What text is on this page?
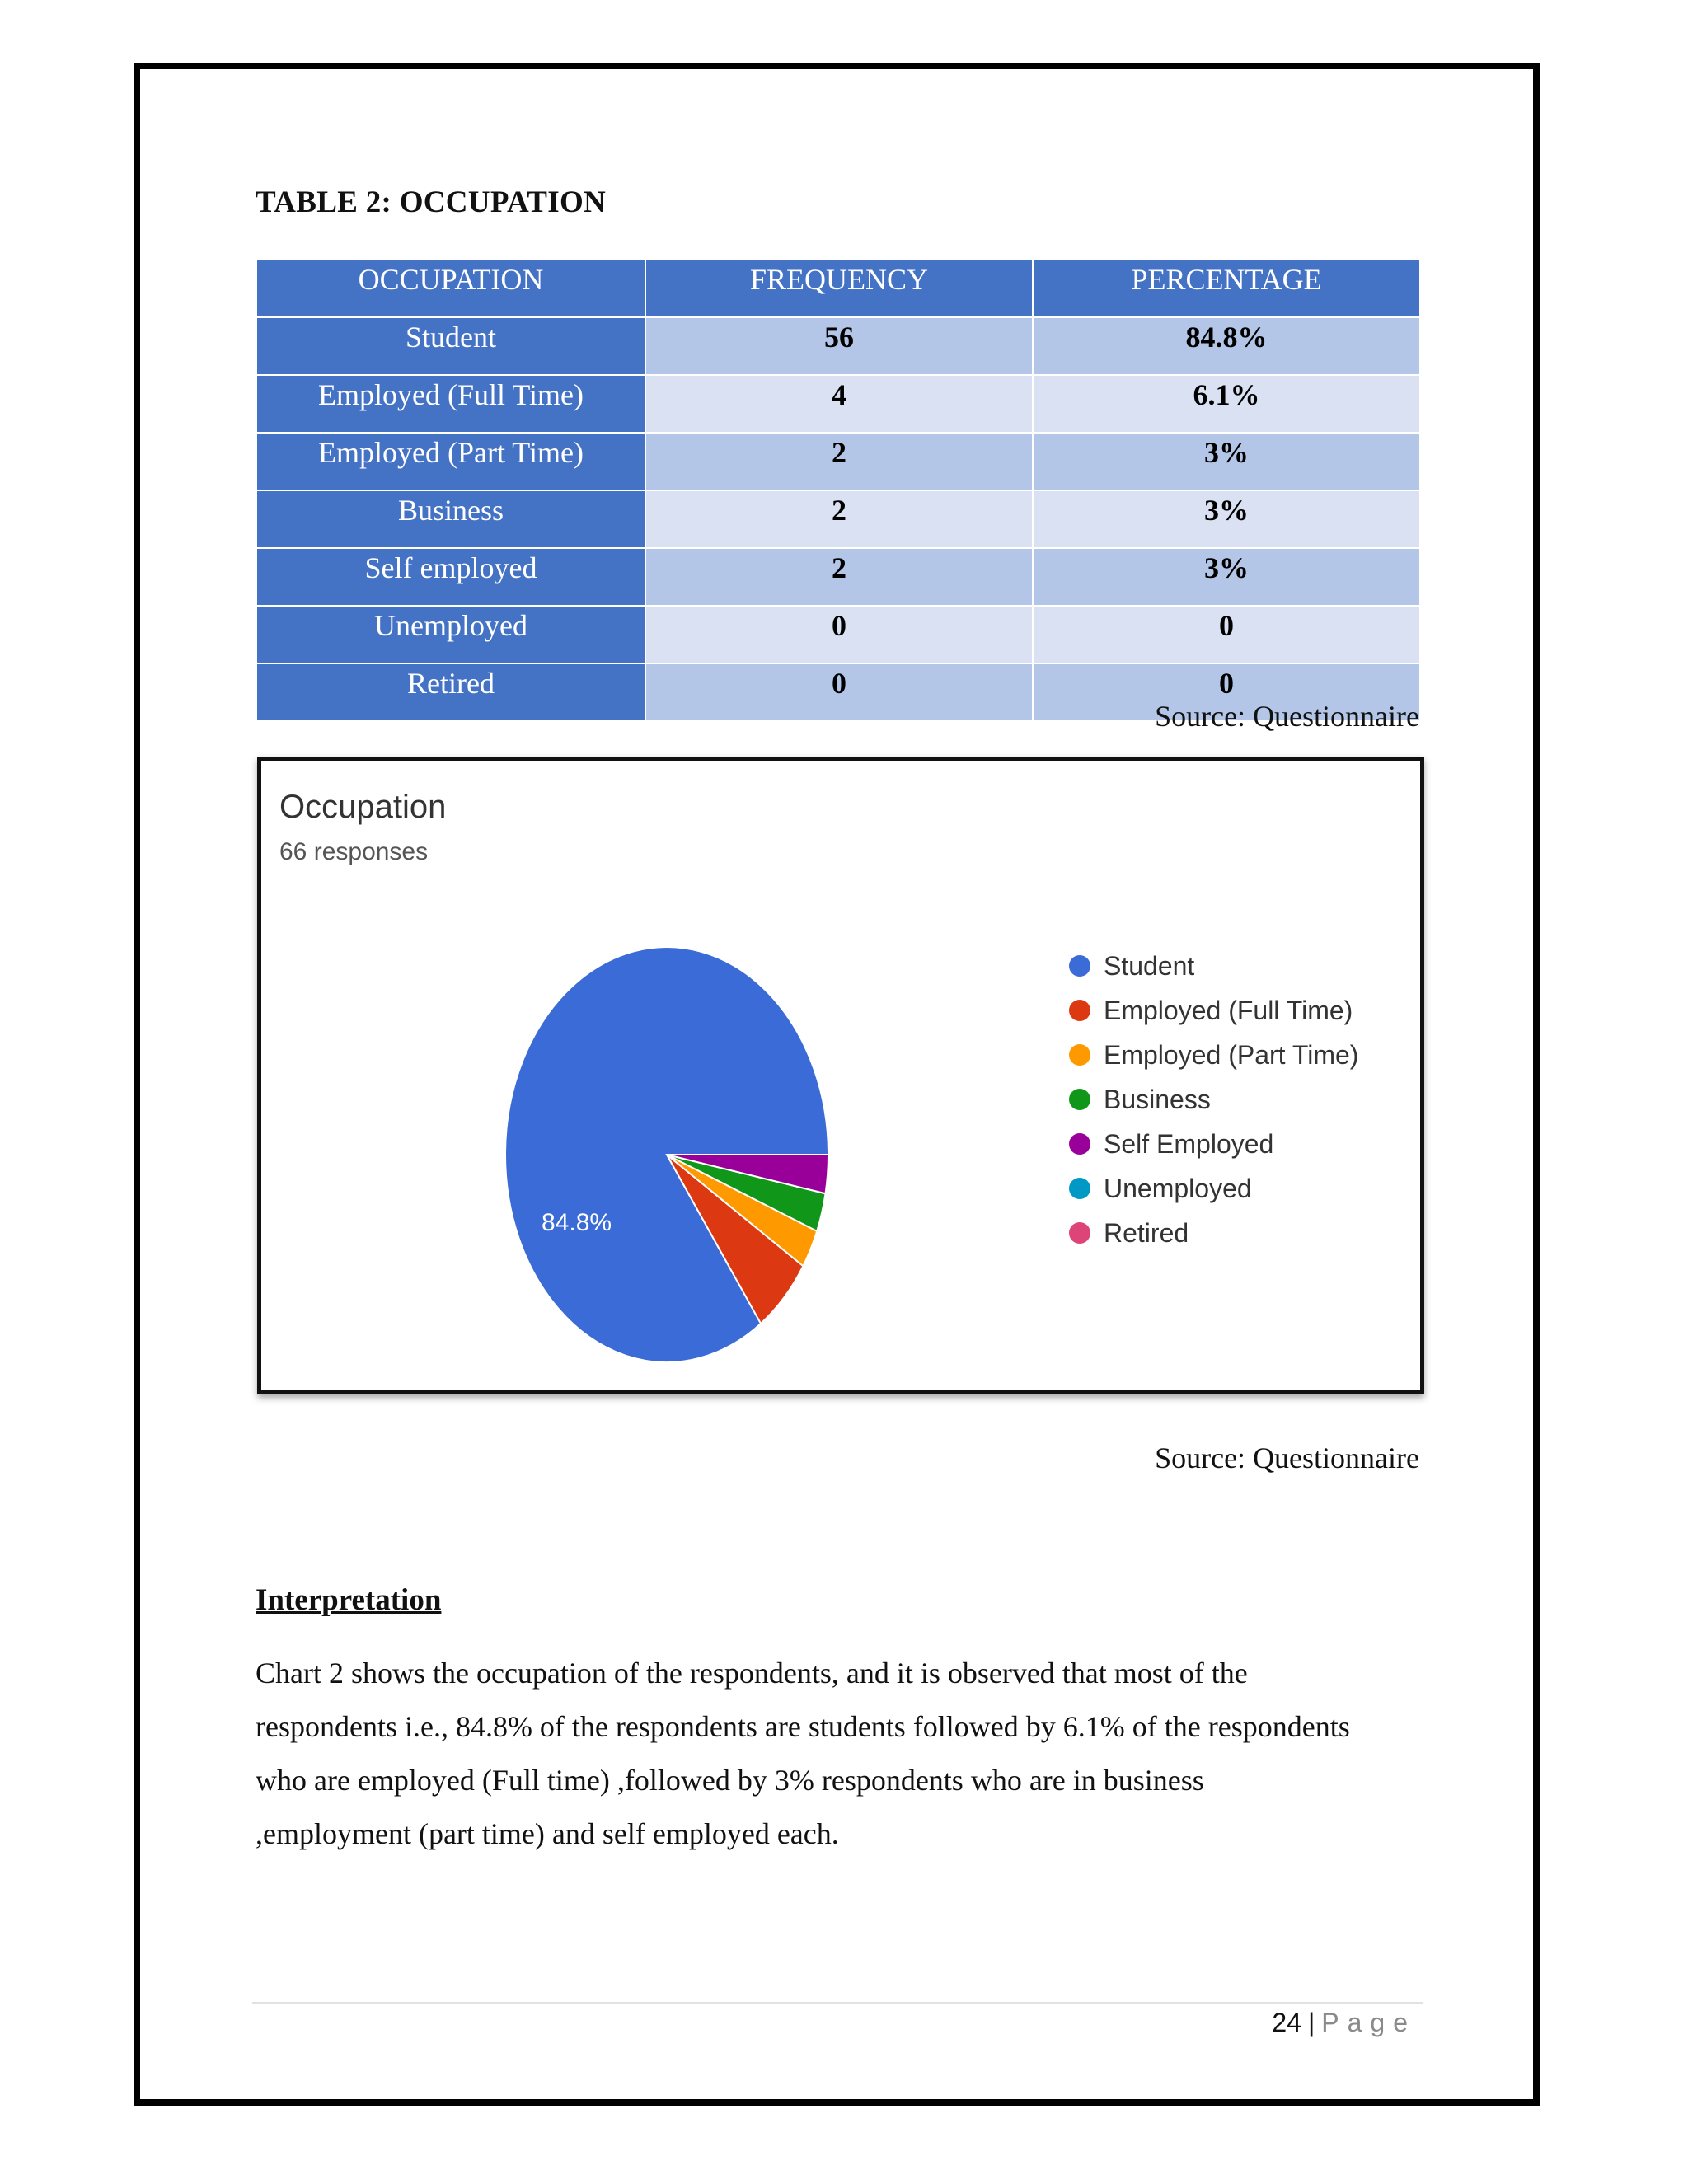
TABLE 2: OCCUPATION
OCCUPATION	FREQUENCY	PERCENTAGE
Student	56	84.8%
Employed (Full Time)	4	6.1%
Employed (Part Time)	2	3%
Business	2	3%
Self employed	2	3%
Unemployed	0	0
Retired	0	0
Source: Questionnaire
Occupation
66 responses
84.8%
Student
Employed (Full Time)
Employed (Part Time)
Business
Self Employed
Unemployed
Retired
Source: Questionnaire
Interpretation
Chart 2 shows the occupation of the respondents, and it is observed that most of the
respondents i.e., 84.8% of the respondents are students followed by 6.1% of the respondents
who are employed (Full time) ,followed by 3% respondents who are in business
,employment (part time) and self employed each.
24 | Page
